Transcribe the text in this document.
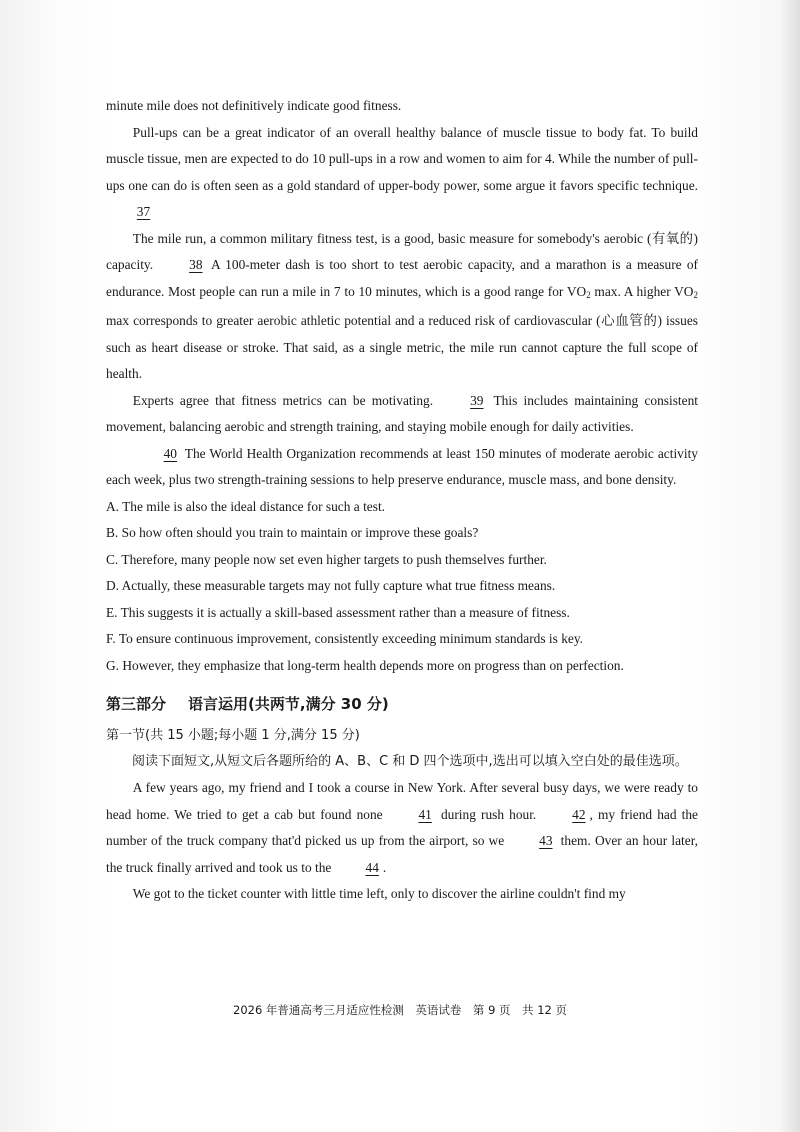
minute mile does not definitively indicate good fitness.

Pull-ups can be a great indicator of an overall healthy balance of muscle tissue to body fat. To build muscle tissue, men are expected to do 10 pull-ups in a row and women to aim for 4. While the number of pull-ups one can do is often seen as a gold standard of upper-body power, some argue it favors specific technique. 37

The mile run, a common military fitness test, is a good, basic measure for somebody's aerobic (有氧的) capacity.	38 A 100-meter dash is too short to test aerobic capacity, and a marathon is a measure of endurance. Most people can run a mile in 7 to 10 minutes, which is a good range for $VO_2$ max. A higher $VO_2$ max corresponds to greater aerobic athletic potential and a reduced risk of cardiovascular (心血管的) issues such as heart disease or stroke. That said, as a single metric, the mile run cannot capture the full scope of health.

Experts agree that fitness metrics can be motivating.	39 This includes maintaining consistent movement, balancing aerobic and strength training, and staying mobile enough for daily activities.

40 The World Health Organization recommends at least 150 minutes of moderate aerobic activity each week, plus two strength-training sessions to help preserve endurance, muscle mass, and bone density.

A. The mile is also the ideal distance for such a test.

B. So how often should you train to maintain or improve these goals?

C. Therefore, many people now set even higher targets to push themselves further.

D. Actually, these measurable targets may not fully capture what true fitness means.

E. This suggests it is actually a skill-based assessment rather than a measure of fitness.

F. To ensure continuous improvement, consistently exceeding minimum standards is key.

G. However, they emphasize that long-term health depends more on progress than on perfection.

第三部分 语言运用(共两节,满分 30 分)
第一节(共 15 小题;每小题 1 分,满分 15 分)
阅读下面短文,从短文后各题所给的 A、B、C 和 D 四个选项中,选出可以填入空白处的最佳选项。

A few years ago, my friend and I took a course in New York. After several busy days, we were ready to head home. We tried to get a cab but found none	41 during rush hour.	42 , my friend had the number of the truck company that'd picked us up from the airport, so we	43 them. Over an hour later, the truck finally arrived and took us to the	44 .

We got to the ticket counter with little time left, only to discover the airline couldn't find my

2026 年普通高考三月适应性检测　英语试卷　第 9 页　共 12 页
